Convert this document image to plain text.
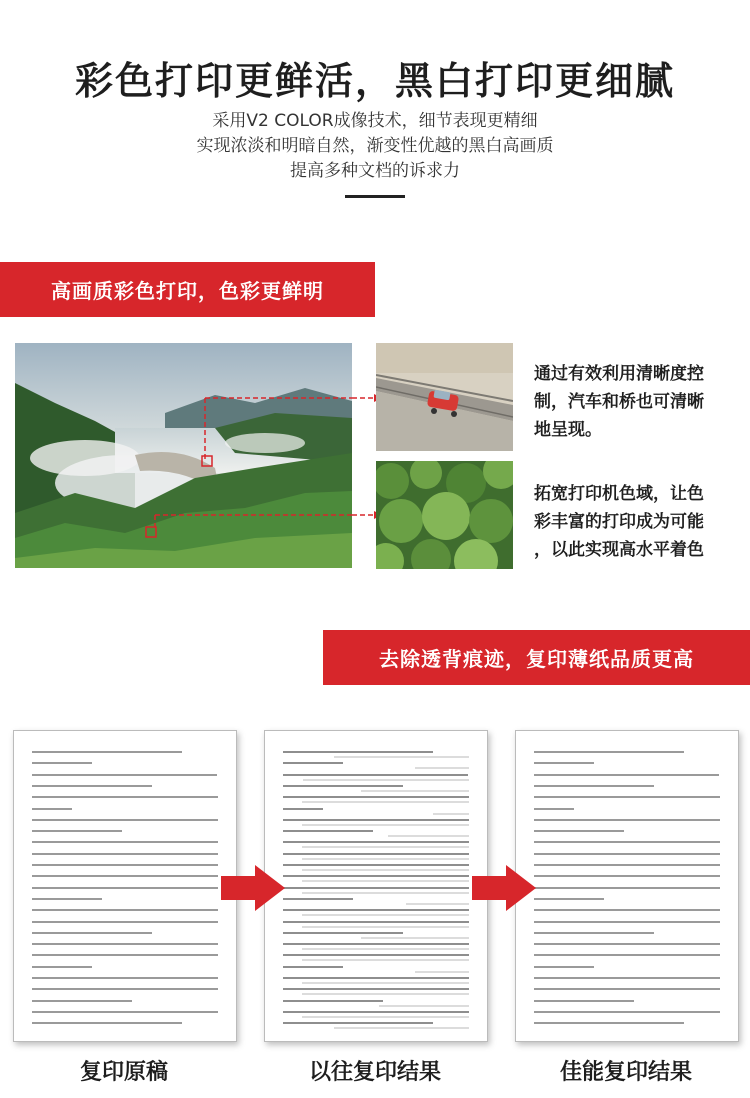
彩色打印更鲜活，黑白打印更细腻
采用V2 COLOR成像技术，细节表现更精细
实现浓淡和明暗自然，渐变性优越的黑白高画质
提高多种文档的诉求力
高画质彩色打印，色彩更鲜明
通过有效利用清晰度控
制，汽车和桥也可清晰
地呈现。
拓宽打印机色域，让色
彩丰富的打印成为可能
，以此实现高水平着色
去除透背痕迹，复印薄纸品质更高
复印原稿	以往复印结果	佳能复印结果
